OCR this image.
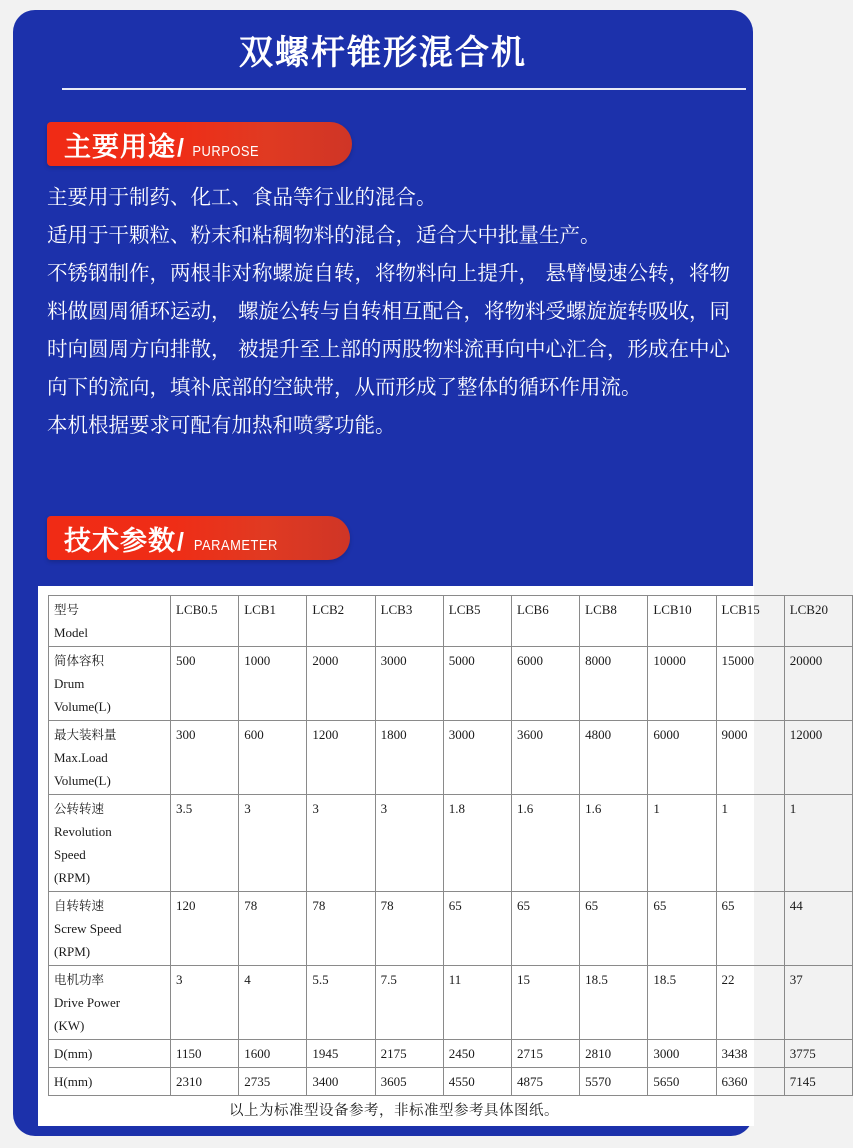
双螺杆锥形混合机
主要用途 / PURPOSE

主要用于制药、化工、食品等行业的混合。

适用于干颗粒、粉末和粘稠物料的混合，适合大中批量生产。

不锈钢制作，两根非对称螺旋自转，将物料向上提升， 悬臂慢速公转，将物料做圆周循环运动， 螺旋公转与自转相互配合，将物料受螺旋旋转吸收，同时向圆周方向排散， 被提升至上部的两股物料流再向中心汇合，形成在中心向下的流向，填补底部的空缺带，从而形成了整体的循环作用流。

本机根据要求可配有加热和喷雾功能。

技术参数 / PARAMETER
型号
Model	LCB0.5	LCB1	LCB2	LCB3	LCB5	LCB6	LCB8	LCB10	LCB15	LCB20

简体容积
Drum
Volume(L)	500	1000	2000	3000	5000	6000	8000	10000	15000	20000

最大装料量
Max.Load
Volume(L)	300	600	1200	1800	3000	3600	4800	6000	9000	12000

公转转速
Revolution
Speed
(RPM)	3.5	3	3	3	1.8	1.6	1.6	1	1	1

自转转速
Screw Speed
(RPM)	120	78	78	78	65	65	65	65	65	44

电机功率
Drive Power
(KW)	3	4	5.5	7.5	11	15	18.5	18.5	22	37

D(mm)	1150	1600	1945	2175	2450	2715	2810	3000	3438	3775

H(mm)	2310	2735	3400	3605	4550	4875	5570	5650	6360	7145
以上为标准型设备参考，非标准型参考具体图纸。
